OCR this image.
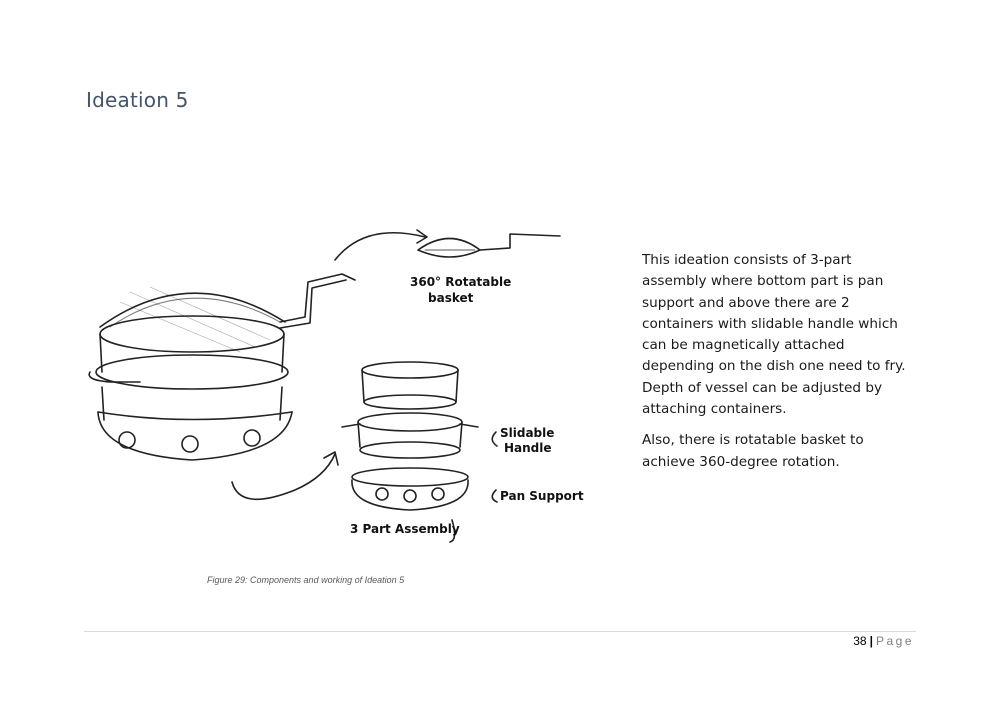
Ideation 5
360° Rotatable
basket
Slidable
Handle
Pan Support
3 Part Assembly

This ideation consists of 3-part assembly where bottom part is pan support and above there are 2 containers with slidable handle which can be magnetically attached depending on the dish one need to fry. Depth of vessel can be adjusted by attaching containers.

Also, there is rotatable basket to achieve 360-degree rotation.

Figure 29: Components and working of Ideation 5
38 | Page
